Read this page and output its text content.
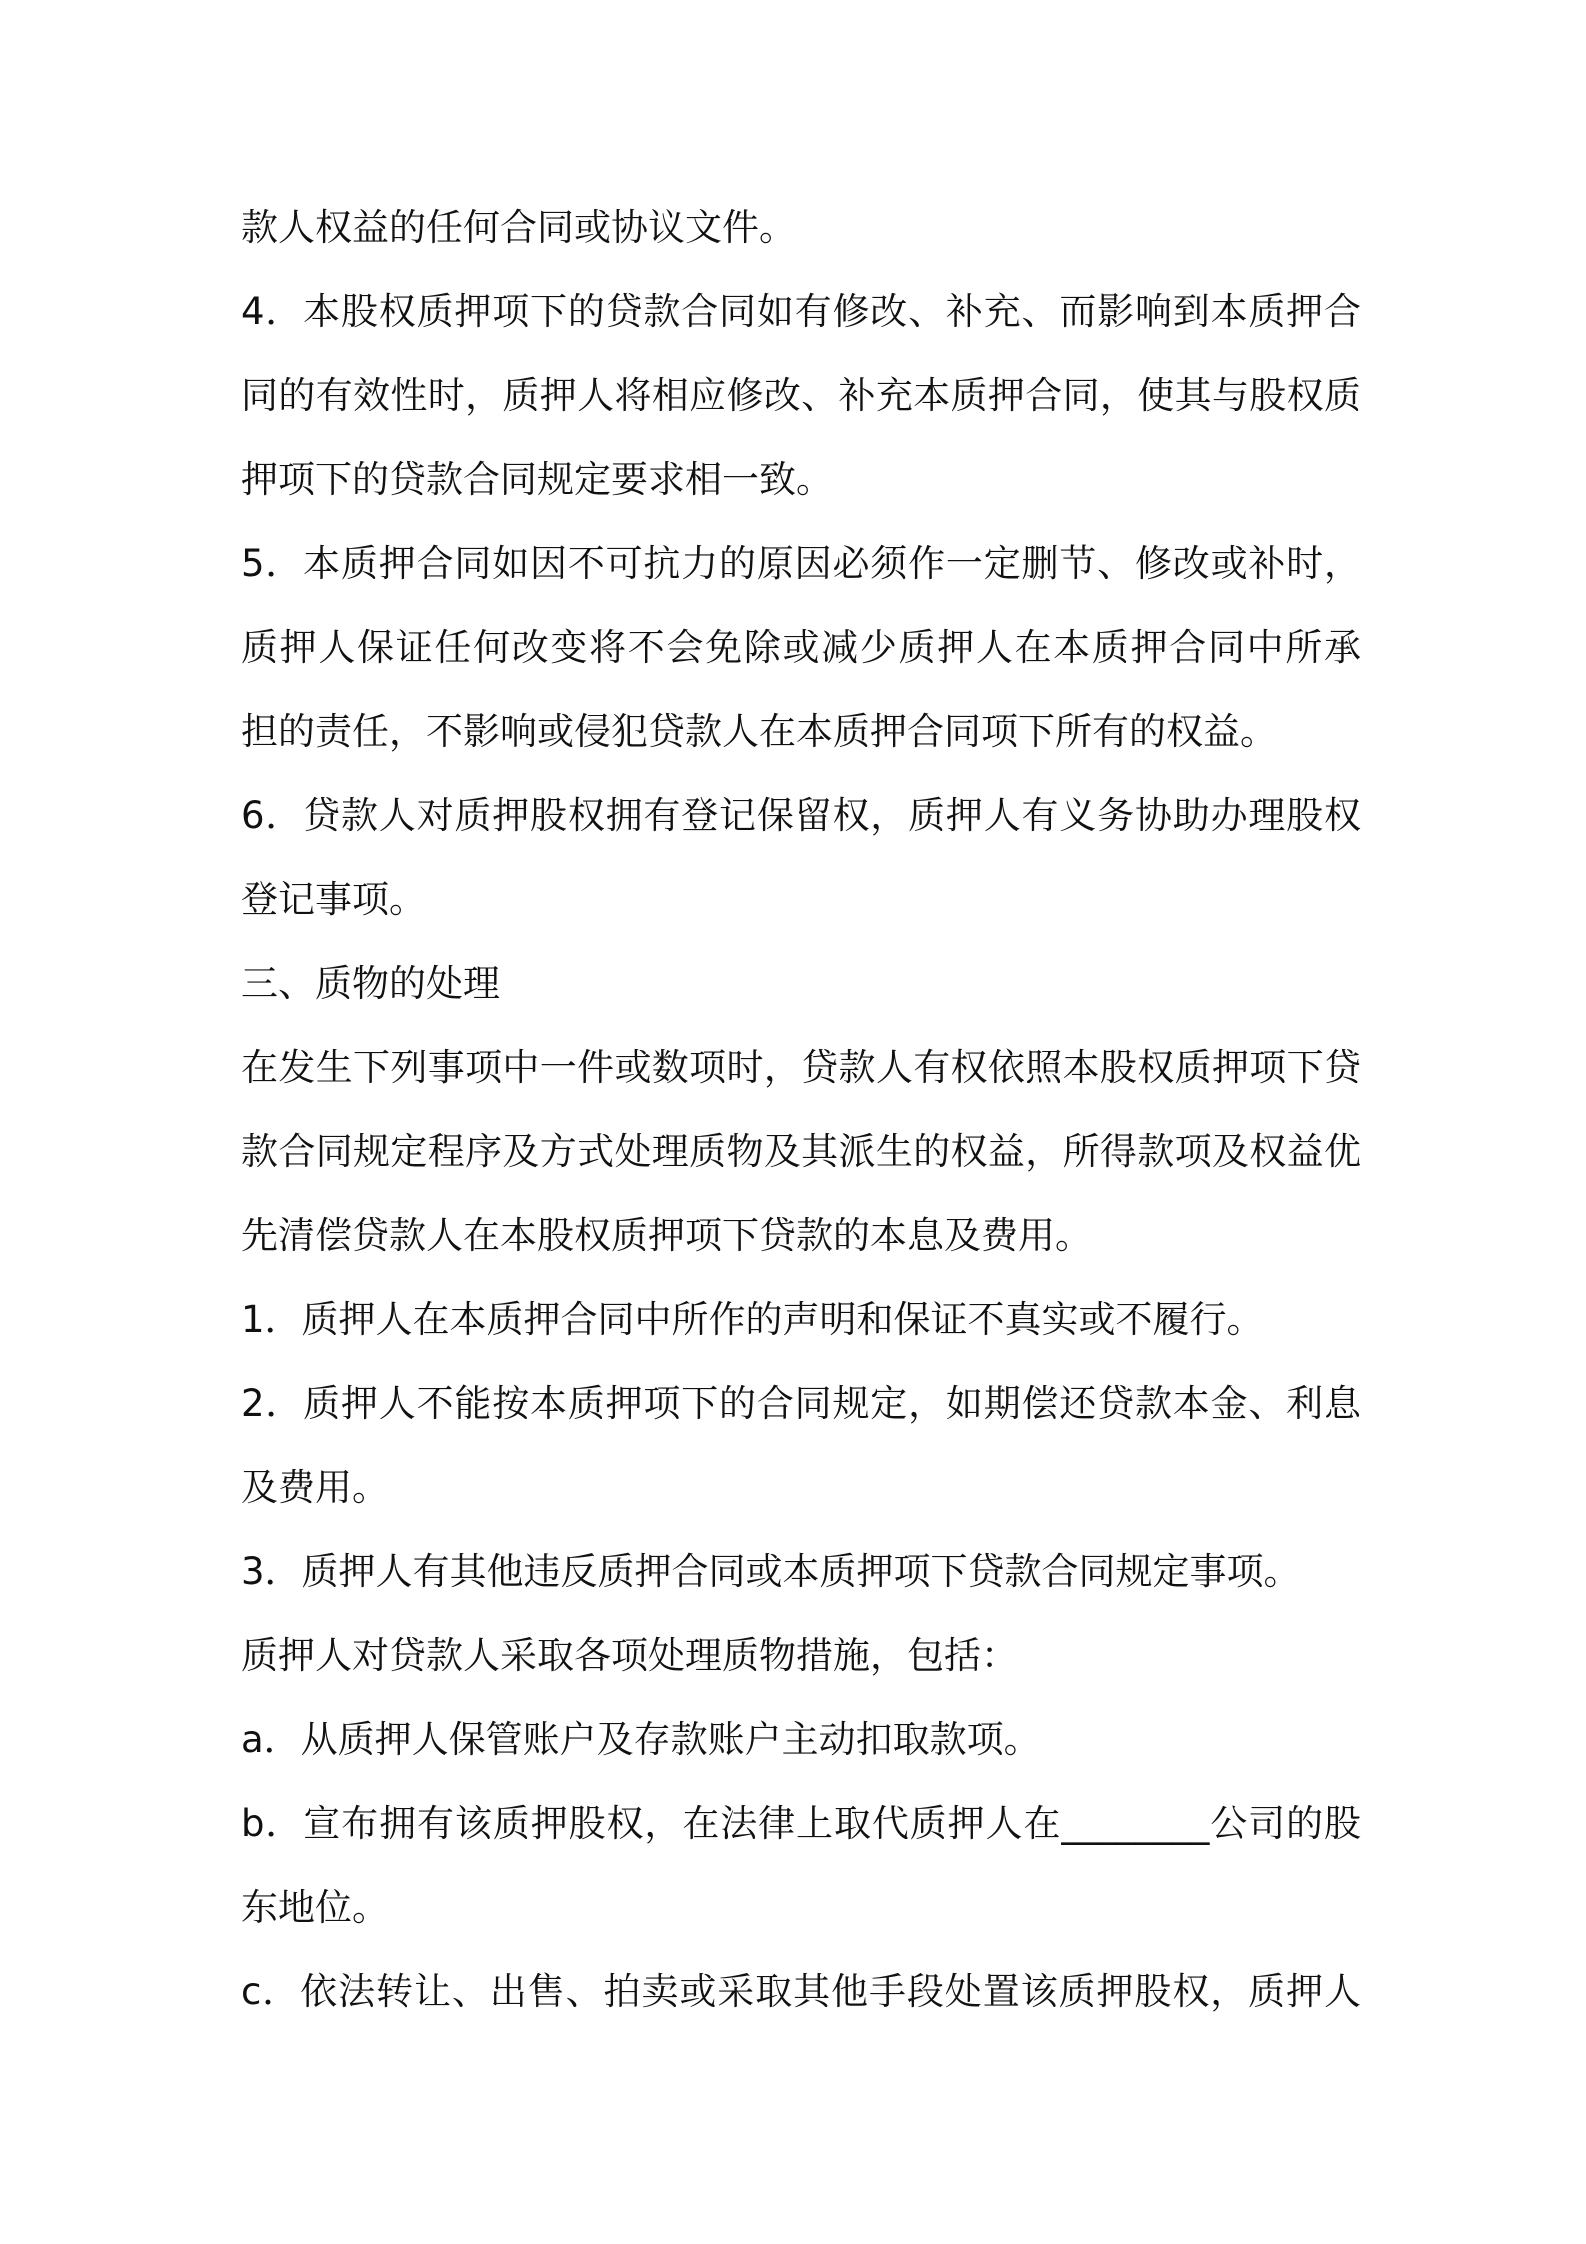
款人权益的任何合同或协议文件。
4．本股权质押项下的贷款合同如有修改、补充、而影响到本质押合
同的有效性时，质押人将相应修改、补充本质押合同，使其与股权质
押项下的贷款合同规定要求相一致。
5．本质押合同如因不可抗力的原因必须作一定删节、修改或补时，
质押人保证任何改变将不会免除或减少质押人在本质押合同中所承
担的责任，不影响或侵犯贷款人在本质押合同项下所有的权益。
6．贷款人对质押股权拥有登记保留权，质押人有义务协助办理股权
登记事项。
三、质物的处理
在发生下列事项中一件或数项时，贷款人有权依照本股权质押项下贷
款合同规定程序及方式处理质物及其派生的权益，所得款项及权益优
先清偿贷款人在本股权质押项下贷款的本息及费用。
1．质押人在本质押合同中所作的声明和保证不真实或不履行。
2．质押人不能按本质押项下的合同规定，如期偿还贷款本金、利息
及费用。
3．质押人有其他违反质押合同或本质押项下贷款合同规定事项。
质押人对贷款人采取各项处理质物措施，包括：
a．从质押人保管账户及存款账户主动扣取款项。
b．宣布拥有该质押股权，在法律上取代质押人在________公司的股
东地位。
c．依法转让、出售、拍卖或采取其他手段处置该质押股权，质押人
